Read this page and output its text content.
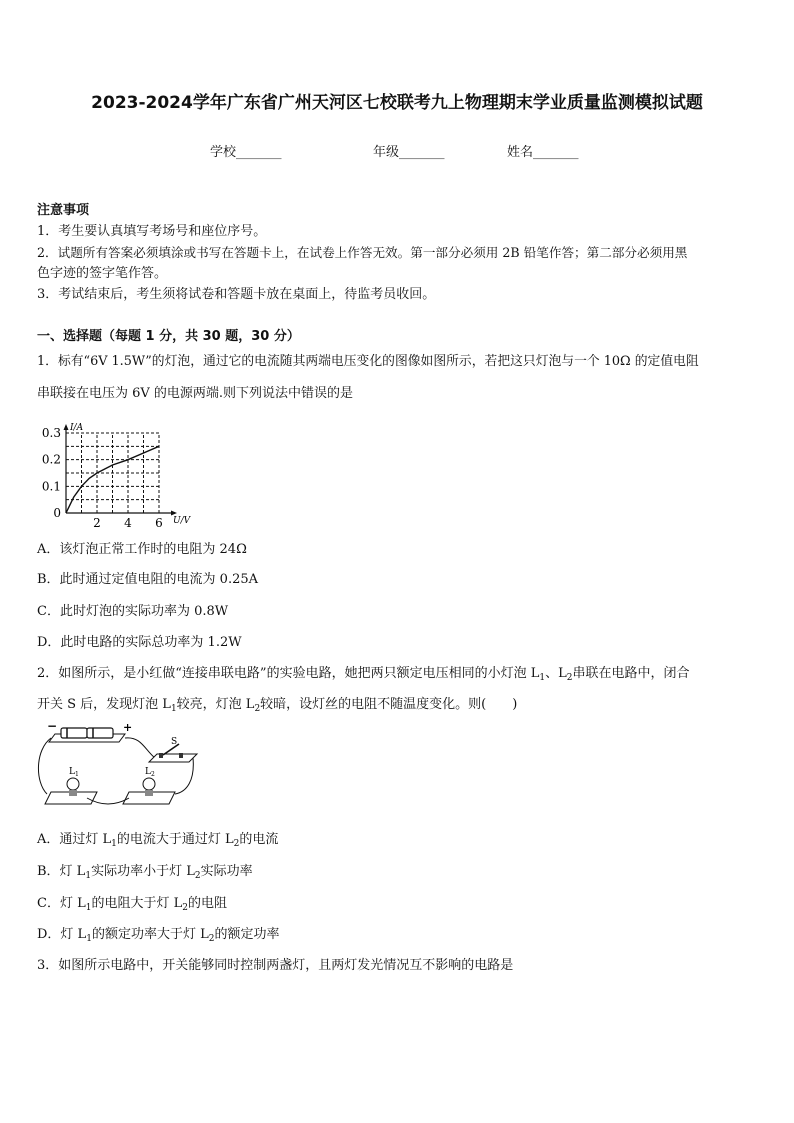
2023-2024学年广东省广州天河区七校联考九上物理期末学业质量监测模拟试题
学校_______	年级_______	姓名_______
注意事项
1．考生要认真填写考场号和座位序号。
2．试题所有答案必须填涂或书写在答题卡上，在试卷上作答无效。第一部分必须用 2B 铅笔作答；第二部分必须用黑
色字迹的签字笔作答。
3．考试结束后，考生须将试卷和答题卡放在桌面上，待监考员收回。
一、选择题（每题 1 分，共 30 题，30 分）
1．标有“6V 1.5W”的灯泡，通过它的电流随其两端电压变化的图像如图所示，若把这只灯泡与一个 10Ω 的定值电阻
串联接在电压为 6V 的电源两端.则下列说法中错误的是
0
0.1
0.2
0.3
2 4 6
I/A
U/V
A．该灯泡正常工作时的电阻为 24Ω
B．此时通过定值电阻的电流为 0.25A
C．此时灯泡的实际功率为 0.8W
D．此时电路的实际总功率为 1.2W
2．如图所示，是小红做“连接串联电路”的实验电路，她把两只额定电压相同的小灯泡 $L_1$、$L_2$串联在电路中，闭合
开关 S 后，发现灯泡 $L_1$较亮，灯泡 $L_2$较暗，设灯丝的电阻不随温度变化。则(　　)
−	+
S
$L_1$	$L_2$
A．通过灯 $L_1$的电流大于通过灯 $L_2$的电流
B．灯 $L_1$实际功率小于灯 $L_2$实际功率
C．灯 $L_1$的电阻大于灯 $L_2$的电阻
D．灯 $L_1$的额定功率大于灯 $L_2$的额定功率
3．如图所示电路中，开关能够同时控制两盏灯，且两灯发光情况互不影响的电路是
